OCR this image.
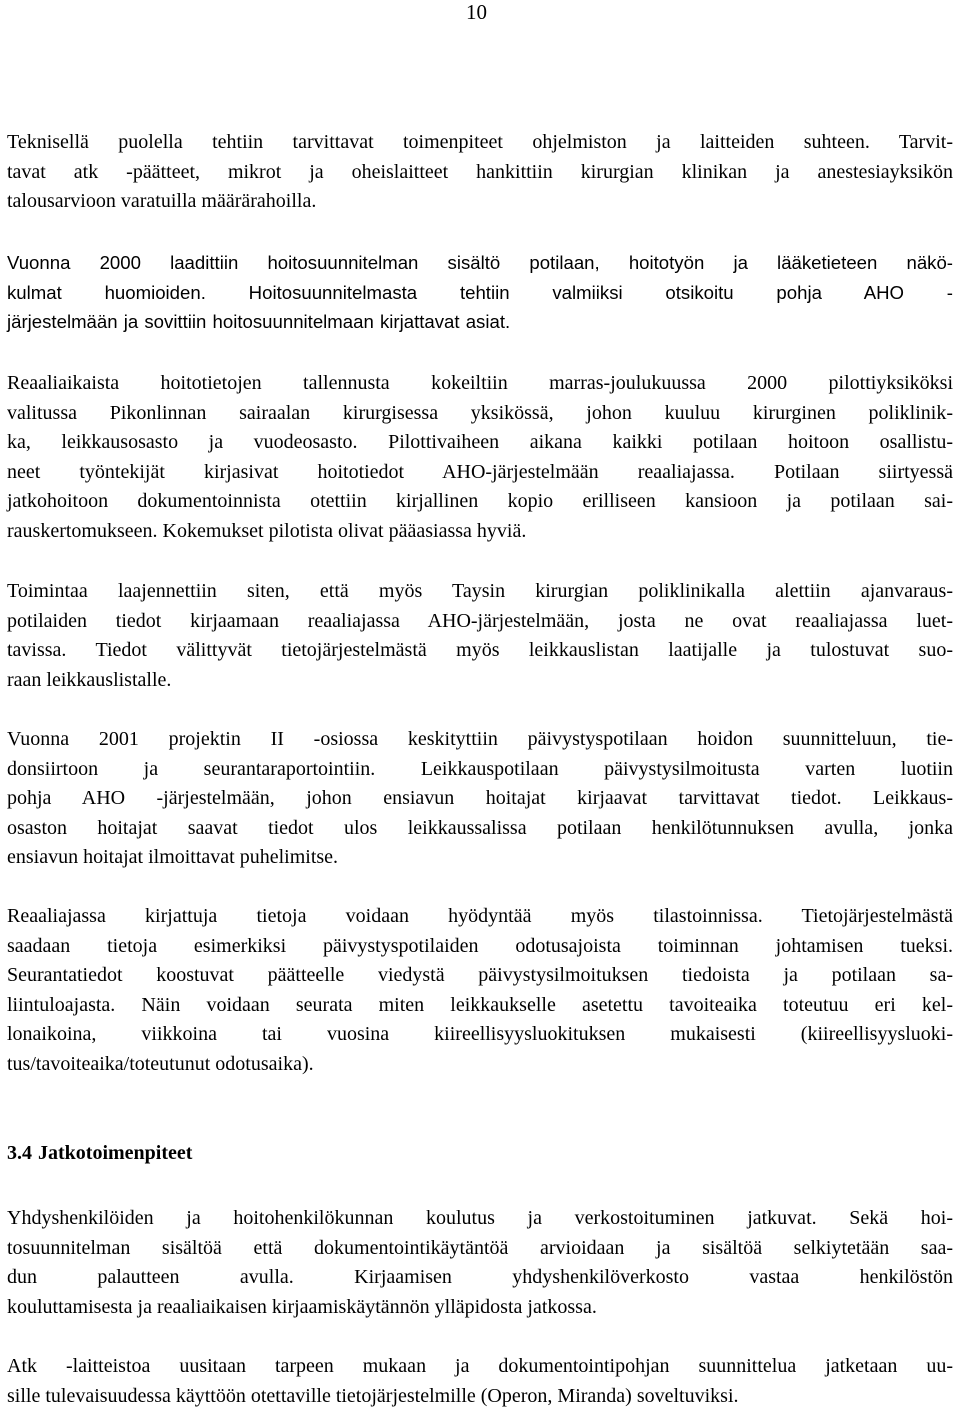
10
Teknisellä puolella tehtiin tarvittavat toimenpiteet ohjelmiston ja laitteiden suhteen. Tarvit-
tavat atk -päätteet, mikrot ja oheislaitteet hankittiin kirurgian klinikan ja anestesiayksikön
talousarvioon varatuilla määrärahoilla.
Vuonna 2000 laadittiin hoitosuunnitelman sisältö potilaan, hoitotyön ja lääketieteen näkö-
kulmat huomioiden. Hoitosuunnitelmasta tehtiin valmiiksi otsikoitu pohja AHO -
järjestelmään ja sovittiin hoitosuunnitelmaan kirjattavat asiat.
Reaaliaikaista hoitotietojen tallennusta kokeiltiin marras-joulukuussa 2000 pilottiyksiköksi
valitussa Pikonlinnan sairaalan kirurgisessa yksikössä, johon kuuluu kirurginen poliklinik-
ka, leikkausosasto ja vuodeosasto. Pilottivaiheen aikana kaikki potilaan hoitoon osallistu-
neet työntekijät kirjasivat hoitotiedot AHO-järjestelmään reaaliajassa. Potilaan siirtyessä
jatkohoitoon dokumentoinnista otettiin kirjallinen kopio erilliseen kansioon ja potilaan sai-
rauskertomukseen. Kokemukset pilotista olivat pääasiassa hyviä.
Toimintaa laajennettiin siten, että myös Taysin kirurgian poliklinikalla alettiin ajanvaraus-
potilaiden tiedot kirjaamaan reaaliajassa AHO-järjestelmään, josta ne ovat reaaliajassa luet-
tavissa. Tiedot välittyvät tietojärjestelmästä myös leikkauslistan laatijalle ja tulostuvat suo-
raan leikkauslistalle.
Vuonna 2001 projektin II -osiossa keskityttiin päivystyspotilaan hoidon suunnitteluun, tie-
donsiirtoon ja seurantaraportointiin. Leikkauspotilaan päivystysilmoitusta varten luotiin
pohja AHO -järjestelmään, johon ensiavun hoitajat kirjaavat tarvittavat tiedot. Leikkaus-
osaston hoitajat saavat tiedot ulos leikkaussalissa potilaan henkilötunnuksen avulla, jonka
ensiavun hoitajat ilmoittavat puhelimitse.
Reaaliajassa kirjattuja tietoja voidaan hyödyntää myös tilastoinnissa. Tietojärjestelmästä
saadaan tietoja esimerkiksi päivystyspotilaiden odotusajoista toiminnan johtamisen tueksi.
Seurantatiedot koostuvat päätteelle viedystä päivystysilmoituksen tiedoista ja potilaan sa-
liintuloajasta. Näin voidaan seurata miten leikkaukselle asetettu tavoiteaika toteutuu eri kel-
lonaikoina, viikkoina tai vuosina kiireellisyysluokituksen mukaisesti (kiireellisyysluoki-
tus/tavoiteaika/toteutunut odotusaika).
3.4 Jatkotoimenpiteet
Yhdyshenkilöiden ja hoitohenkilökunnan koulutus ja verkostoituminen jatkuvat. Sekä hoi-
tosuunnitelman sisältöä että dokumentointikäytäntöä arvioidaan ja sisältöä selkiytetään saa-
dun palautteen avulla. Kirjaamisen yhdyshenkilöverkosto vastaa henkilöstön
kouluttamisesta ja reaaliaikaisen kirjaamiskäytännön ylläpidosta jatkossa.
Atk -laitteistoa uusitaan tarpeen mukaan ja dokumentointipohjan suunnittelua jatketaan uu-
sille tulevaisuudessa käyttöön otettaville tietojärjestelmille (Operon, Miranda) soveltuviksi.
